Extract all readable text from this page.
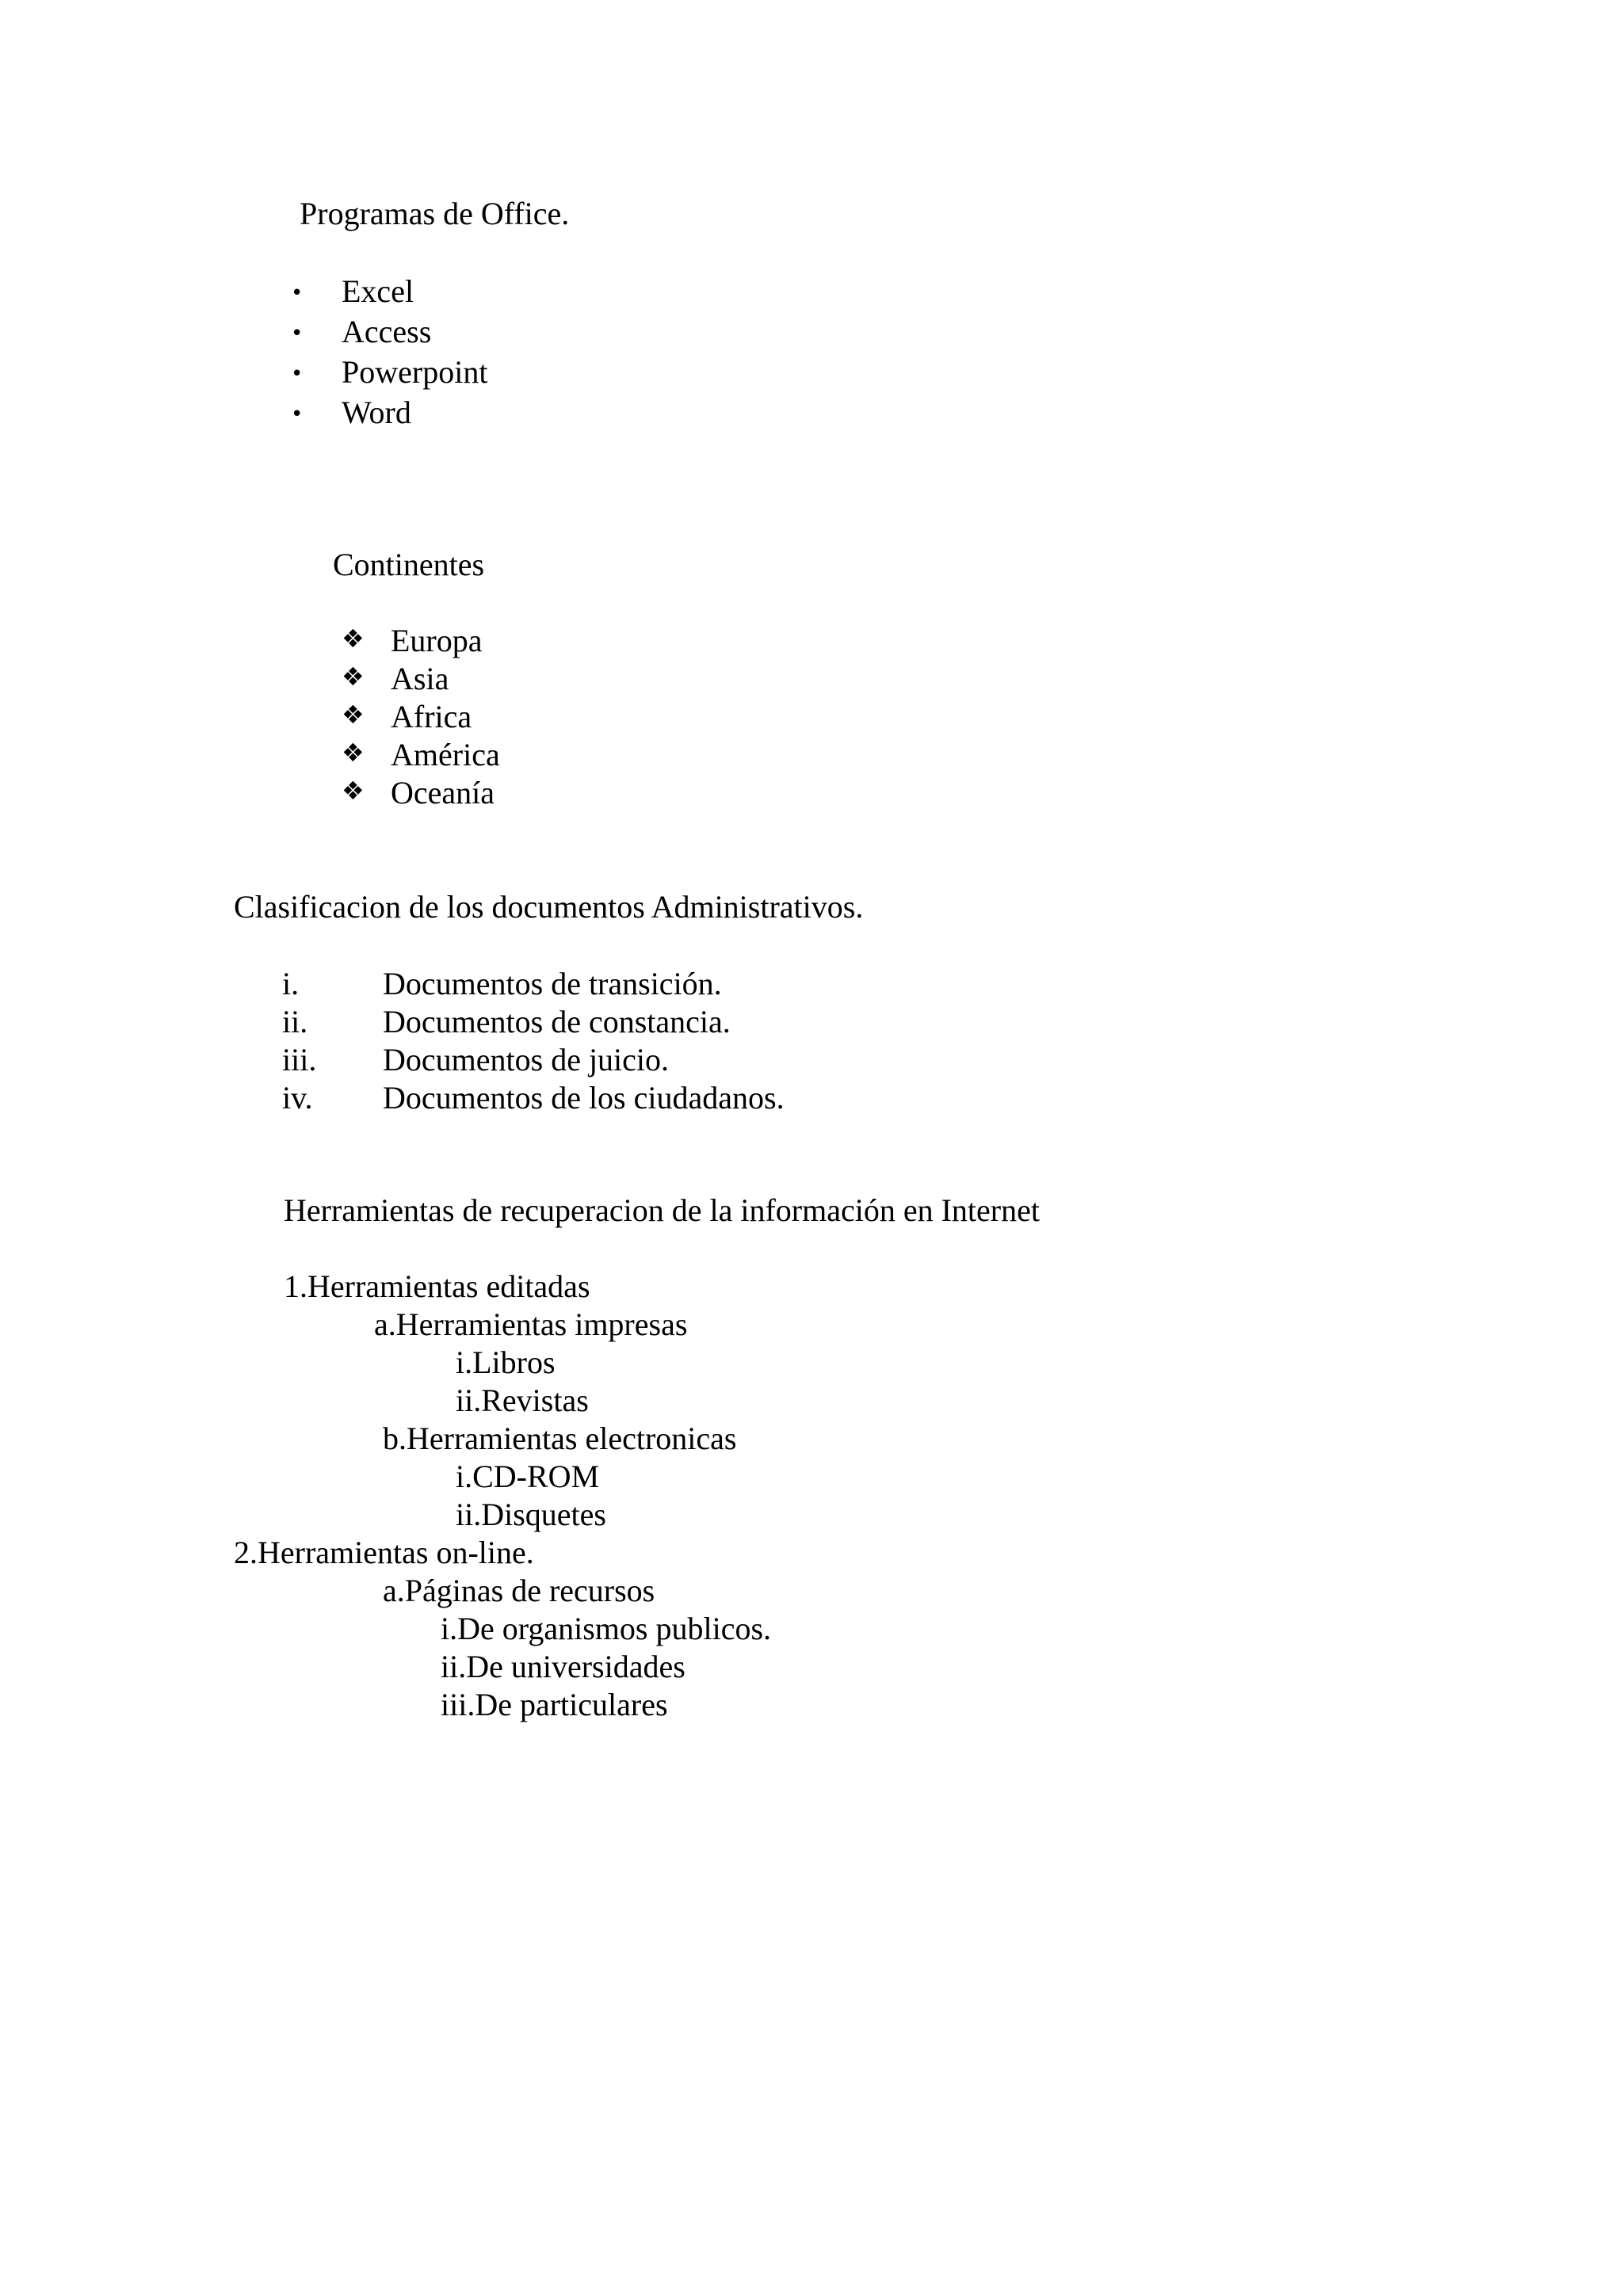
Programas de Office.
• Excel
• Access
• Powerpoint
• Word
Continentes
❖ Europa
❖ Asia
❖ Africa
❖ América
❖ Oceanía
Clasificacion de los documentos Administrativos.
i.	Documentos de transición.
ii. Documentos de constancia.
iii. Documentos de juicio.
iv. Documentos de los ciudadanos.
Herramientas de recuperacion de la información en Internet
1.Herramientas editadas
a.Herramientas impresas
i.Libros
ii.Revistas
b.Herramientas electronicas
i.CD-ROM
ii.Disquetes
2.Herramientas on-line.
a.Páginas de recursos
i.De organismos publicos.
ii.De universidades
iii.De particulares
